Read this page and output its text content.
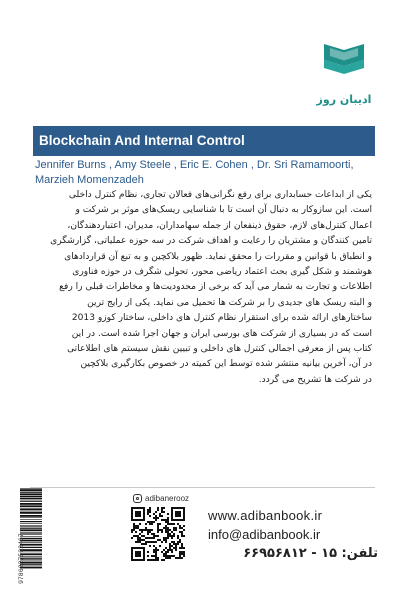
ادیبان روز
Blockchain And Internal Control
Jennifer Burns , Amy Steele , Eric E. Cohen , Dr. Sri Ramamoorti,
Marzieh Momenzadeh
یکی از ابداعات حسابداری برای رفع نگرانی‌های فعالان تجاری، نظام کنترل داخلی
است. این سازوکار به دنبال آن است تا با شناسایی ریسک‌های موثر بر شرکت و
اعمال کنترل‌های لازم، حقوق ذینفعان از جمله سهامداران، مدیران، اعتباردهندگان،
تامین کنندگان و مشتریان را رعایت و اهداف شرکت در سه حوزه عملیاتی، گزارشگری
و انطباق با قوانین و مقررات را محقق نماید. ظهور بلاکچین و به تبع آن قراردادهای
هوشمند و شکل گیری بحث اعتماد ریاضی محور، تحولی شگرف در حوزه فناوری
اطلاعات و تجارت به شمار می آید که برخی از محدودیت‌ها و مخاطرات قبلی را رفع
و البته ریسک های جدیدی را بر شرکت ها تحمیل می نماید. یکی از رایج ترین
ساختارهای ارائه شده برای استقرار نظام کنترل های داخلی، ساختار کوزو 2013
است که در بسیاری از شرکت های بورسی ایران و جهان اجرا شده است. در این
کتاب پس از معرفی اجمالی کنترل های داخلی و تبیین نقش سیستم های اطلاعاتی
در آن، آخرین بیانیه منتشر شده توسط این کمیته در خصوص بکارگیری بلاکچین
در شرکت ها تشریح می گردد.
adibanerooz
9786227592467
www.adibanbook.ir
info@adibanbook.ir
تلفن: ۱۵ - ۶۶۹۵۶۸۱۲
